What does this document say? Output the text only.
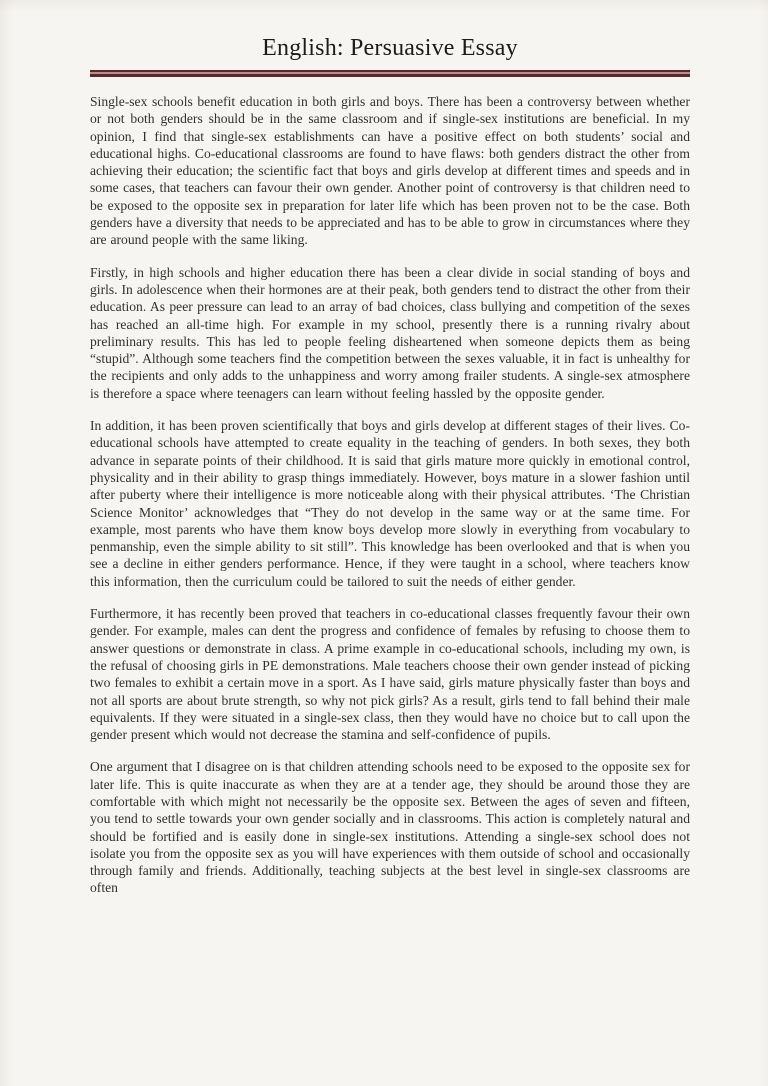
English: Persuasive Essay

Single-sex schools benefit education in both girls and boys. There has been a controversy between whether or not both genders should be in the same classroom and if single-sex institutions are beneficial. In my opinion, I find that single-sex establishments can have a positive effect on both students’ social and educational highs. Co-educational classrooms are found to have flaws: both genders distract the other from achieving their education; the scientific fact that boys and girls develop at different times and speeds and in some cases, that teachers can favour their own gender. Another point of controversy is that children need to be exposed to the opposite sex in preparation for later life which has been proven not to be the case. Both genders have a diversity that needs to be appreciated and has to be able to grow in circumstances where they are around people with the same liking.

Firstly, in high schools and higher education there has been a clear divide in social standing of boys and girls. In adolescence when their hormones are at their peak, both genders tend to distract the other from their education. As peer pressure can lead to an array of bad choices, class bullying and competition of the sexes has reached an all-time high. For example in my school, presently there is a running rivalry about preliminary results. This has led to people feeling disheartened when someone depicts them as being “stupid”. Although some teachers find the competition between the sexes valuable, it in fact is unhealthy for the recipients and only adds to the unhappiness and worry among frailer students. A single-sex atmosphere is therefore a space where teenagers can learn without feeling hassled by the opposite gender.

In addition, it has been proven scientifically that boys and girls develop at different stages of their lives. Co-educational schools have attempted to create equality in the teaching of genders. In both sexes, they both advance in separate points of their childhood. It is said that girls mature more quickly in emotional control, physicality and in their ability to grasp things immediately. However, boys mature in a slower fashion until after puberty where their intelligence is more noticeable along with their physical attributes. ‘The Christian Science Monitor’ acknowledges that “They do not develop in the same way or at the same time. For example, most parents who have them know boys develop more slowly in everything from vocabulary to penmanship, even the simple ability to sit still”. This knowledge has been overlooked and that is when you see a decline in either genders performance. Hence, if they were taught in a school, where teachers know this information, then the curriculum could be tailored to suit the needs of either gender.

Furthermore, it has recently been proved that teachers in co-educational classes frequently favour their own gender. For example, males can dent the progress and confidence of females by refusing to choose them to answer questions or demonstrate in class. A prime example in co-educational schools, including my own, is the refusal of choosing girls in PE demonstrations. Male teachers choose their own gender instead of picking two females to exhibit a certain move in a sport. As I have said, girls mature physically faster than boys and not all sports are about brute strength, so why not pick girls? As a result, girls tend to fall behind their male equivalents. If they were situated in a single-sex class, then they would have no choice but to call upon the gender present which would not decrease the stamina and self-confidence of pupils.

One argument that I disagree on is that children attending schools need to be exposed to the opposite sex for later life. This is quite inaccurate as when they are at a tender age, they should be around those they are comfortable with which might not necessarily be the opposite sex. Between the ages of seven and fifteen, you tend to settle towards your own gender socially and in classrooms. This action is completely natural and should be fortified and is easily done in single-sex institutions. Attending a single-sex school does not isolate you from the opposite sex as you will have experiences with them outside of school and occasionally through family and friends. Additionally, teaching subjects at the best level in single-sex classrooms are often
